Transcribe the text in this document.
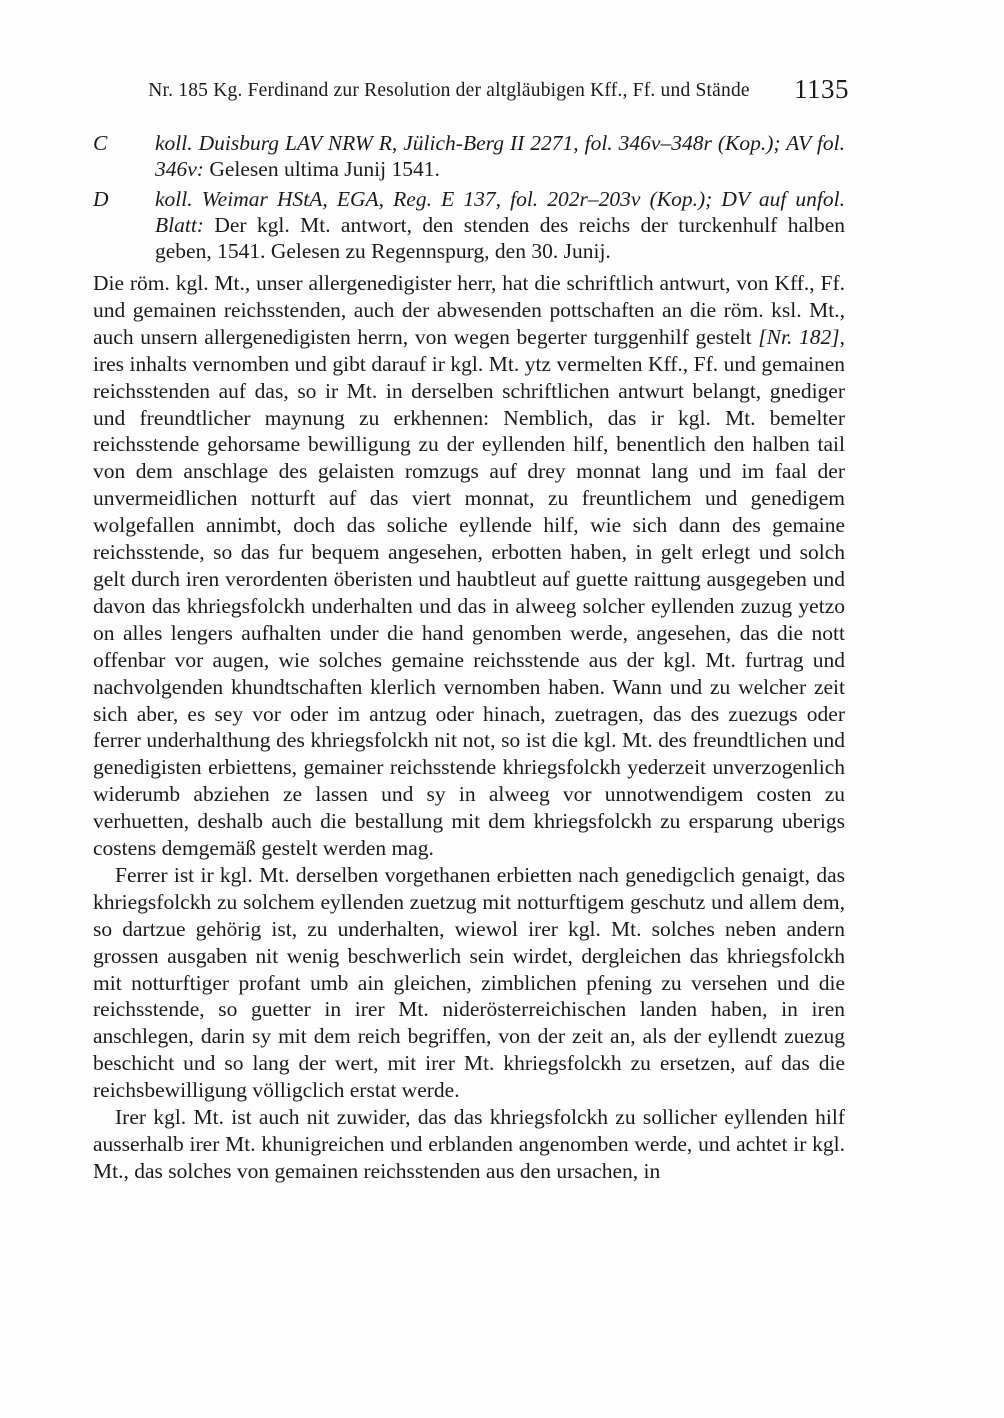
Nr. 185 Kg. Ferdinand zur Resolution der altgläubigen Kff., Ff. und Stände	1135
C	koll. Duisburg LAV NRW R, Jülich-Berg II 2271, fol. 346v–348r (Kop.); AV fol. 346v: Gelesen ultima Junij 1541.
D	koll. Weimar HStA, EGA, Reg. E 137, fol. 202r–203v (Kop.); DV auf unfol. Blatt: Der kgl. Mt. antwort, den stenden des reichs der turckenhulf halben geben, 1541. Gelesen zu Regennspurg, den 30. Junij.

Die röm. kgl. Mt., unser allergenedigister herr, hat die schriftlich antwurt, von Kff., Ff. und gemainen reichsstenden, auch der abwesenden pottschaften an die röm. ksl. Mt., auch unsern allergenedigisten herrn, von wegen begerter turggenhilf gestelt [Nr. 182], ires inhalts vernomben und gibt darauf ir kgl. Mt. ytz vermelten Kff., Ff. und gemainen reichsstenden auf das, so ir Mt. in derselben schriftlichen antwurt belangt, gnediger und freundtlicher maynung zu erkhennen: Nemblich, das ir kgl. Mt. bemelter reichsstende gehorsame bewilligung zu der eyllenden hilf, benentlich den halben tail von dem anschlage des gelaisten romzugs auf drey monnat lang und im faal der unvermeidlichen notturft auf das viert monnat, zu freuntlichem und genedigem wolgefallen annimbt, doch das soliche eyllende hilf, wie sich dann des gemaine reichsstende, so das fur bequem angesehen, erbotten haben, in gelt erlegt und solch gelt durch iren verordenten öberisten und haubtleut auf guette raittung ausgegeben und davon das khriegsfolckh underhalten und das in alweeg solcher eyllenden zuzug yetzo on alles lengers aufhalten under die hand genomben werde, angesehen, das die nott offenbar vor augen, wie solches gemaine reichsstende aus der kgl. Mt. furtrag und nachvolgenden khundtschaften klerlich vernomben haben. Wann und zu welcher zeit sich aber, es sey vor oder im antzug oder hinach, zuetragen, das des zuezugs oder ferrer underhalthung des khriegsfolckh nit not, so ist die kgl. Mt. des freundtlichen und genedigisten erbiettens, gemainer reichsstende khriegsfolckh yederzeit unverzogenlich widerumb abziehen ze lassen und sy in alweeg vor unnotwendigem costen zu verhuetten, deshalb auch die bestallung mit dem khriegsfolckh zu ersparung uberigs costens demgemäß gestelt werden mag.

Ferrer ist ir kgl. Mt. derselben vorgethanen erbietten nach genedigclich genaigt, das khriegsfolckh zu solchem eyllenden zuetzug mit notturftigem geschutz und allem dem, so dartzue gehörig ist, zu underhalten, wiewol irer kgl. Mt. solches neben andern grossen ausgaben nit wenig beschwerlich sein wirdet, dergleichen das khriegsfolckh mit notturftiger profant umb ain gleichen, zimblichen pfening zu versehen und die reichsstende, so guetter in irer Mt. niderösterreichischen landen haben, in iren anschlegen, darin sy mit dem reich begriffen, von der zeit an, als der eyllendt zuezug beschicht und so lang der wert, mit irer Mt. khriegsfolckh zu ersetzen, auf das die reichsbewilligung völligclich erstat werde.

Irer kgl. Mt. ist auch nit zuwider, das das khriegsfolckh zu sollicher eyllenden hilf ausserhalb irer Mt. khunigreichen und erblanden angenomben werde, und achtet ir kgl. Mt., das solches von gemainen reichsstenden aus den ursachen, in
